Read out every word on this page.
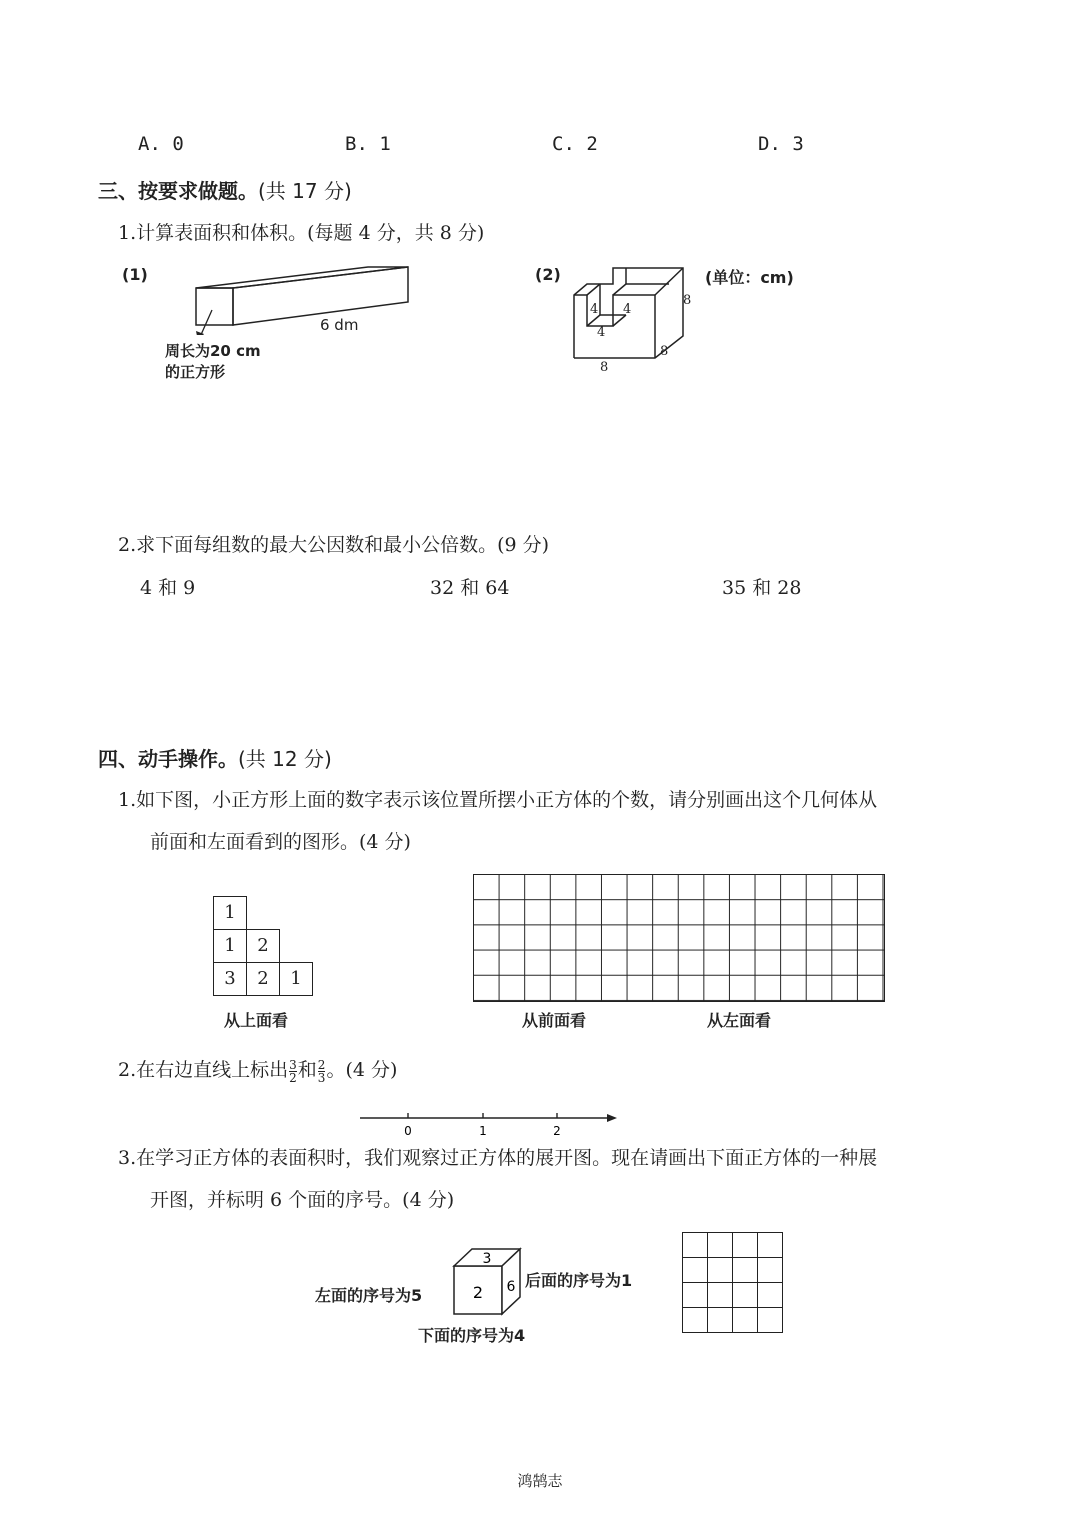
A. 0	B. 1	C. 2	D. 3
三、按要求做题。(共 17 分)
1.计算表面积和体积。(每题 4 分，共 8 分)
(1)
6 dm
周长为20 cm
的正方形
(2)	(单位：cm)
4 4
4
8
8
8
2.求下面每组数的最大公因数和最小公倍数。(9 分)
4 和 9	32 和 64	35 和 28
四、动手操作。(共 12 分)
1.如下图，小正方形上面的数字表示该位置所摆小正方体的个数，请分别画出这个几何体从
前面和左面看到的图形。(4 分)
1
1	2
3	2	1
从上面看	从前面看	从左面看
2.在右边直线上标出 $\frac{3}{2}$ 和 $\frac{2}{3}$ 。(4 分)
0	1	2
3.在学习正方体的表面积时，我们观察过正方体的展开图。现在请画出下面正方体的一种展
开图，并标明 6 个面的序号。(4 分)
左面的序号为5
后面的序号为1
下面的序号为4
3
2 6
鸿鹄志
